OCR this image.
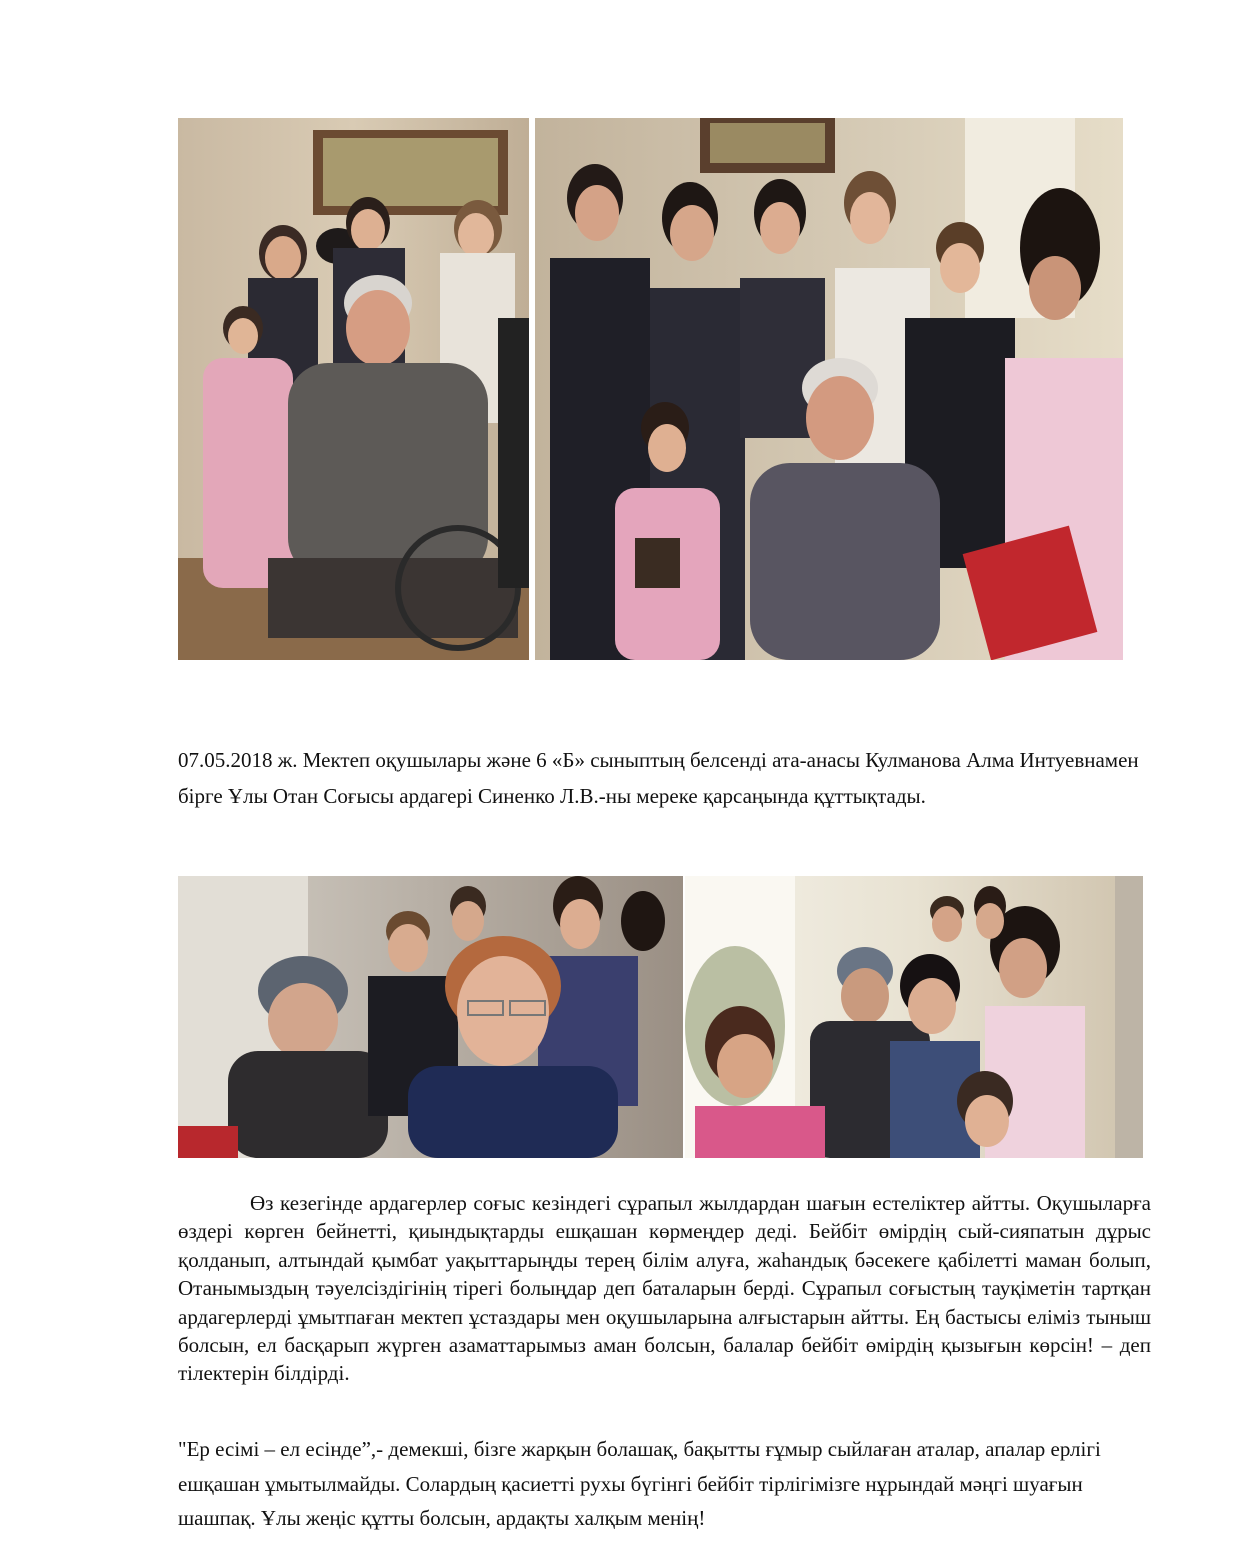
07.05.2018 ж. Мектеп оқушылары және 6 «Б» сыныптың белсенді ата-анасы Кулманова Алма Интуевнамен бірге Ұлы Отан Соғысы ардагері Синенко Л.В.-ны мереке қарсаңында құттықтады.

Өз кезегінде ардагерлер соғыс кезіндегі сұрапыл жылдардан шағын естеліктер айтты. Оқушыларға өздері көрген бейнетті, қиындықтарды ешқашан көрмеңдер деді. Бейбіт өмірдің сый-сияпатын дұрыс қолданып, алтындай қымбат уақыттарыңды терең білім алуға, жаһандық бәсекеге қабілетті маман болып, Отанымыздың тәуелсіздігінің тірегі болыңдар деп баталарын берді. Сұрапыл соғыстың тауқіметін тартқан ардагерлерді ұмытпаған мектеп ұстаздары мен оқушыларына алғыстарын айтты. Ең бастысы еліміз тыныш болсын, ел басқарып жүрген азаматтарымыз аман болсын, балалар бейбіт өмірдің қызығын көрсін! – деп тілектерін білдірді.

"Ер есімі – ел есінде”,- демекші, бізге жарқын болашақ, бақытты ғұмыр сыйлаған аталар, апалар ерлігі ешқашан ұмытылмайды. Солардың қасиетті рухы бүгінгі бейбіт тірлігімізге нұрындай мәңгі шуағын шашпақ. Ұлы жеңіс құтты болсын, ардақты халқым менің!
